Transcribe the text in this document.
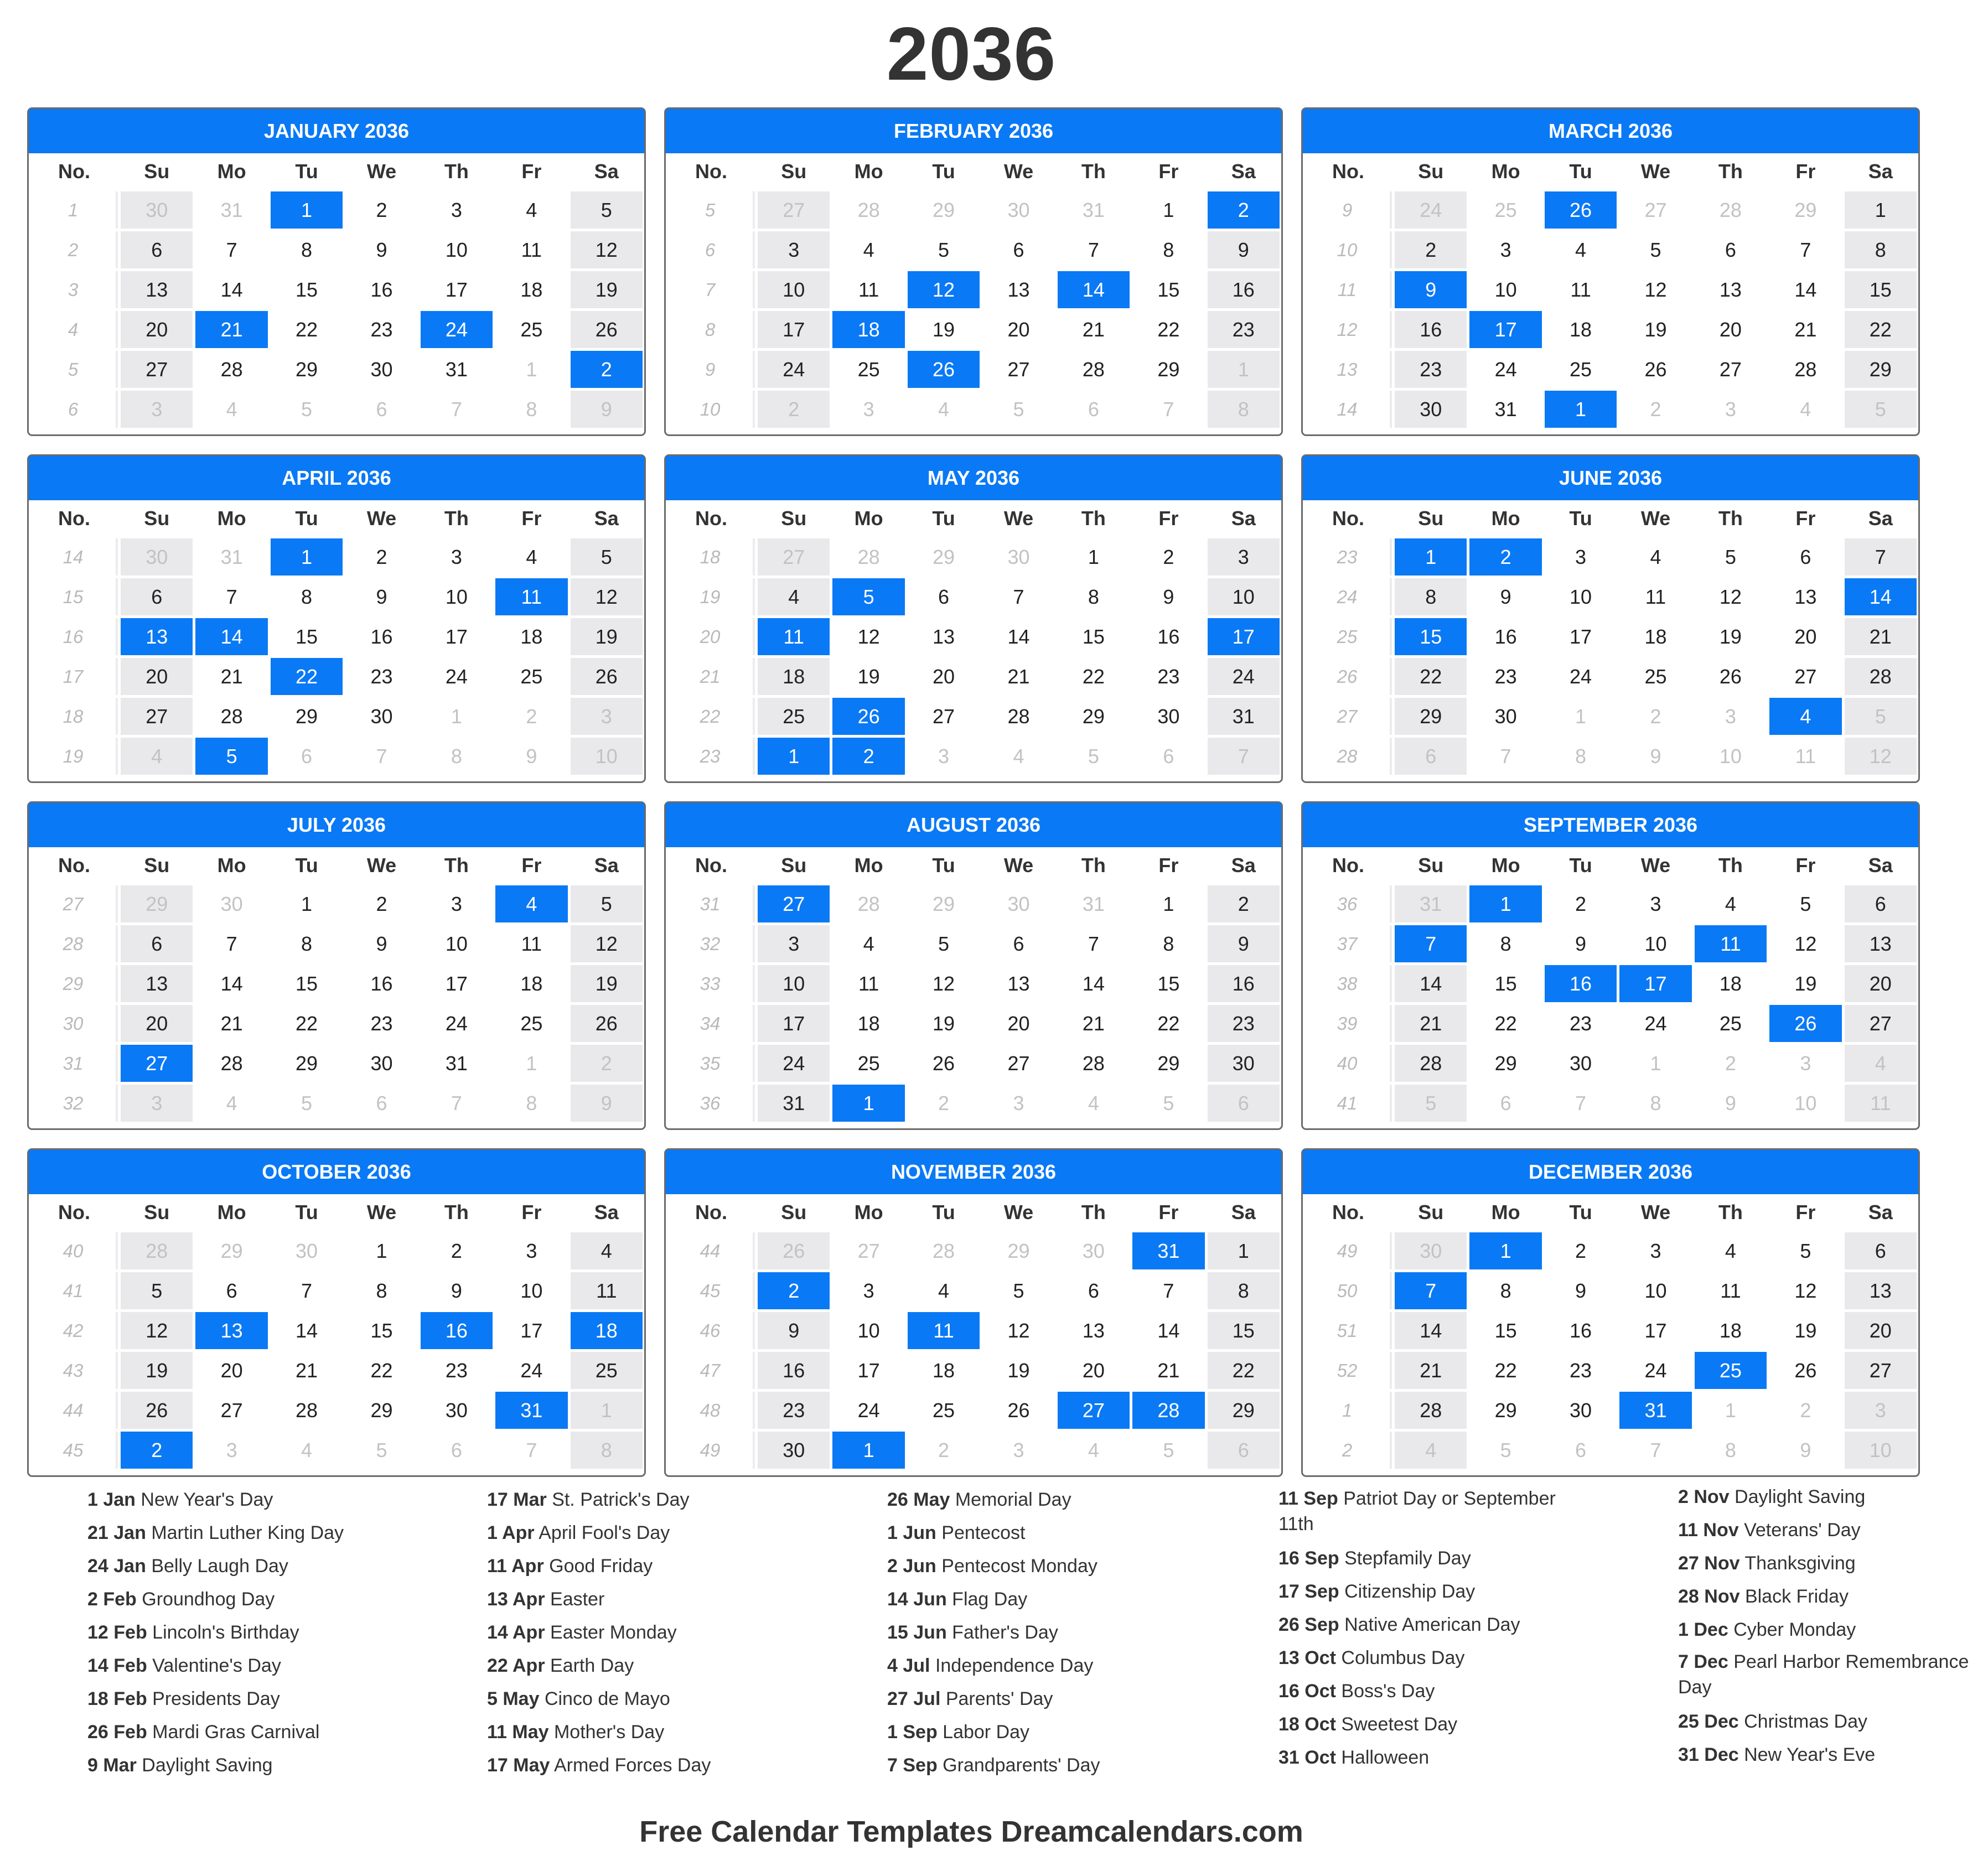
2036
JANUARY 2036
No.	Su	Mo	Tu	We	Th	Fr	Sa
1	30	31	1	2	3	4	5
2	6	7	8	9	10	11	12
3	13	14	15	16	17	18	19
4	20	21	22	23	24	25	26
5	27	28	29	30	31	1	2
6	3	4	5	6	7	8	9
FEBRUARY 2036
No.	Su	Mo	Tu	We	Th	Fr	Sa
5	27	28	29	30	31	1	2
6	3	4	5	6	7	8	9
7	10	11	12	13	14	15	16
8	17	18	19	20	21	22	23
9	24	25	26	27	28	29	1
10	2	3	4	5	6	7	8
MARCH 2036
No.	Su	Mo	Tu	We	Th	Fr	Sa
9	24	25	26	27	28	29	1
10	2	3	4	5	6	7	8
11	9	10	11	12	13	14	15
12	16	17	18	19	20	21	22
13	23	24	25	26	27	28	29
14	30	31	1	2	3	4	5
APRIL 2036
No.	Su	Mo	Tu	We	Th	Fr	Sa
14	30	31	1	2	3	4	5
15	6	7	8	9	10	11	12
16	13	14	15	16	17	18	19
17	20	21	22	23	24	25	26
18	27	28	29	30	1	2	3
19	4	5	6	7	8	9	10
MAY 2036
No.	Su	Mo	Tu	We	Th	Fr	Sa
18	27	28	29	30	1	2	3
19	4	5	6	7	8	9	10
20	11	12	13	14	15	16	17
21	18	19	20	21	22	23	24
22	25	26	27	28	29	30	31
23	1	2	3	4	5	6	7
JUNE 2036
No.	Su	Mo	Tu	We	Th	Fr	Sa
23	1	2	3	4	5	6	7
24	8	9	10	11	12	13	14
25	15	16	17	18	19	20	21
26	22	23	24	25	26	27	28
27	29	30	1	2	3	4	5
28	6	7	8	9	10	11	12
JULY 2036
No.	Su	Mo	Tu	We	Th	Fr	Sa
27	29	30	1	2	3	4	5
28	6	7	8	9	10	11	12
29	13	14	15	16	17	18	19
30	20	21	22	23	24	25	26
31	27	28	29	30	31	1	2
32	3	4	5	6	7	8	9
AUGUST 2036
No.	Su	Mo	Tu	We	Th	Fr	Sa
31	27	28	29	30	31	1	2
32	3	4	5	6	7	8	9
33	10	11	12	13	14	15	16
34	17	18	19	20	21	22	23
35	24	25	26	27	28	29	30
36	31	1	2	3	4	5	6
SEPTEMBER 2036
No.	Su	Mo	Tu	We	Th	Fr	Sa
36	31	1	2	3	4	5	6
37	7	8	9	10	11	12	13
38	14	15	16	17	18	19	20
39	21	22	23	24	25	26	27
40	28	29	30	1	2	3	4
41	5	6	7	8	9	10	11
OCTOBER 2036
No.	Su	Mo	Tu	We	Th	Fr	Sa
40	28	29	30	1	2	3	4
41	5	6	7	8	9	10	11
42	12	13	14	15	16	17	18
43	19	20	21	22	23	24	25
44	26	27	28	29	30	31	1
45	2	3	4	5	6	7	8
NOVEMBER 2036
No.	Su	Mo	Tu	We	Th	Fr	Sa
44	26	27	28	29	30	31	1
45	2	3	4	5	6	7	8
46	9	10	11	12	13	14	15
47	16	17	18	19	20	21	22
48	23	24	25	26	27	28	29
49	30	1	2	3	4	5	6
DECEMBER 2036
No.	Su	Mo	Tu	We	Th	Fr	Sa
49	30	1	2	3	4	5	6
50	7	8	9	10	11	12	13
51	14	15	16	17	18	19	20
52	21	22	23	24	25	26	27
1	28	29	30	31	1	2	3
2	4	5	6	7	8	9	10
1 Jan New Year's Day
21 Jan Martin Luther King Day
24 Jan Belly Laugh Day
2 Feb Groundhog Day
12 Feb Lincoln's Birthday
14 Feb Valentine's Day
18 Feb Presidents Day
26 Feb Mardi Gras Carnival
9 Mar Daylight Saving
17 Mar St. Patrick's Day
1 Apr April Fool's Day
11 Apr Good Friday
13 Apr Easter
14 Apr Easter Monday
22 Apr Earth Day
5 May Cinco de Mayo
11 May Mother's Day
17 May Armed Forces Day
26 May Memorial Day
1 Jun Pentecost
2 Jun Pentecost Monday
14 Jun Flag Day
15 Jun Father's Day
4 Jul Independence Day
27 Jul Parents' Day
1 Sep Labor Day
7 Sep Grandparents' Day
11 Sep Patriot Day or September 11th
16 Sep Stepfamily Day
17 Sep Citizenship Day
26 Sep Native American Day
13 Oct Columbus Day
16 Oct Boss's Day
18 Oct Sweetest Day
31 Oct Halloween
2 Nov Daylight Saving
11 Nov Veterans' Day
27 Nov Thanksgiving
28 Nov Black Friday
1 Dec Cyber Monday
7 Dec Pearl Harbor Remembrance Day
25 Dec Christmas Day
31 Dec New Year's Eve
Free Calendar Templates Dreamcalendars.com
